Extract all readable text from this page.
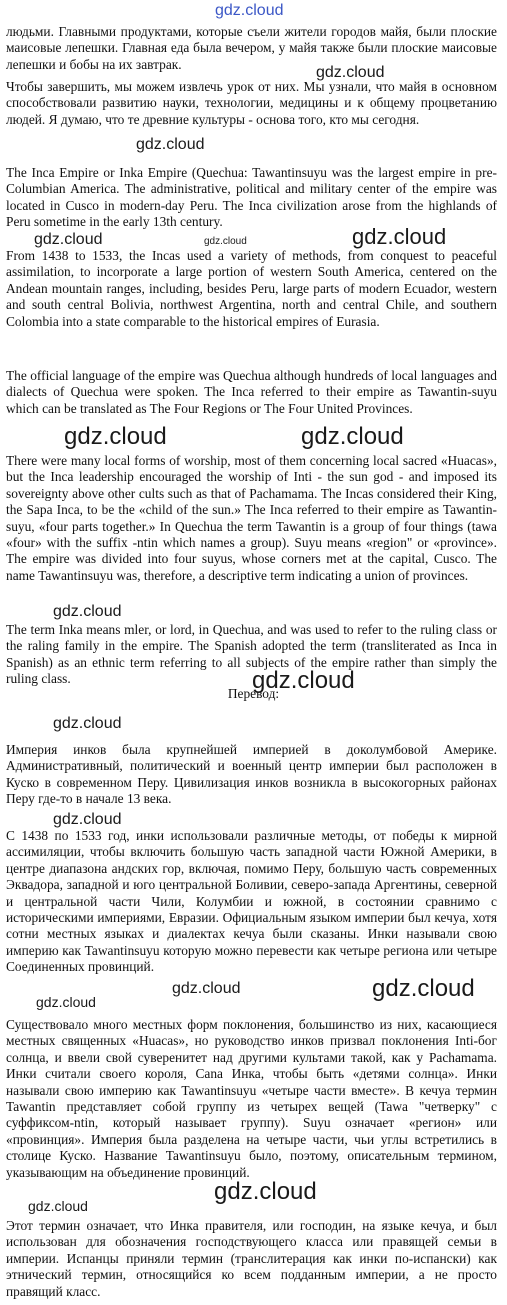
gdz.cloud

людьми. Главными продуктами, которые съели жители городов майя, были плоские маисовые лепешки. Главная еда была вечером, у майя также были плоские маисовые лепешки и бобы на их завтрак.

Чтобы завершить, мы можем извлечь урок от них. Мы узнали, что майя в основном способствовали развитию науки, технологии, медицины и к общему процветанию людей. Я думаю, что те древние культуры - основа того, кто мы сегодня.

The Inca Empire or Inka Empire (Quechua: Tawantinsuyu was the largest empire in pre-Columbian America. The administrative, political and military center of the empire was located in Cusco in modern-day Peru. The Inca civilization arose from the highlands of Peru sometime in the early 13th century.

From 1438 to 1533, the Incas used a variety of methods, from conquest to peaceful assimilation, to incorporate a large portion of western South America, centered on the Andean mountain ranges, including, besides Peru, large parts of modern Ecuador, western and south central Bolivia, northwest Argentina, north and central Chile, and southern Colombia into a state comparable to the historical empires of Eurasia.

The official language of the empire was Quechua although hundreds of local languages and dialects of Quechua were spoken. The Inca referred to their empire as Tawantin-suyu which can be translated as The Four Regions or The Four United Provinces.

There were many local forms of worship, most of them concerning local sacred «Huacas», but the Inca leadership encouraged the worship of Inti - the sun god - and imposed its sovereignty above other cults such as that of Pachamama. The Incas considered their King, the Sapa Inca, to be the «child of the sun.» The Inca referred to their empire as Tawantin-suyu, «four parts together.» In Quechua the term Tawantin is a group of four things (tawa «four» with the suffix -ntin which names a group). Suyu means «region" or «province». The empire was divided into four suyus, whose corners met at the capital, Cusco. The name Tawantinsuyu was, therefore, a descriptive term indicating a union of provinces.

The term Inka means mler, or lord, in Quechua, and was used to refer to the ruling class or the raling family in the empire. The Spanish adopted the term (transliterated as Inca in Spanish) as an ethnic term referring to all subjects of the empire rather than simply the ruling class.

Перевод:

Империя инков была крупнейшей империей в доколумбовой Америке. Административный, политический и военный центр империи был расположен в Куско в современном Перу. Цивилизация инков возникла в высокогорных районах Перу где-то в начале 13 века.

С 1438 по 1533 год, инки использовали различные методы, от победы к мирной ассимиляции, чтобы включить большую часть западной части Южной Америки, в центре диапазона андских гор, включая, помимо Перу, большую часть современных Эквадора, западной и юго центральной Боливии, северо-запада Аргентины, северной и центральной части Чили, Колумбии и южной, в состоянии сравнимо с историческими империями, Евразии. Официальным языком империи был кечуа, хотя сотни местных языках и диалектах кечуа были сказаны. Инки называли свою империю как Tawantinsuyu которую можно перевести как четыре региона или четыре Соединенных провинций.

Существовало много местных форм поклонения, большинство из них, касающиеся местных священных «Huacas», но руководство инков призвал поклонения Inti-бог солнца, и ввели свой суверенитет над другими культами такой, как у Pachamama. Инки считали своего короля, Cana Инка, чтобы быть «детями солнца». Инки называли свою империю как Tawantinsuyu «четыре части вместе». В кечуа термин Tawantin представляет собой группу из четырех вещей (Tawa "четверку" с суффиксом-ntin, который называет группу). Suyu означает «регион» или «провинция». Империя была разделена на четыре части, чьи углы встретились в столице Куско. Название Tawantinsuyu было, поэтому, описательным термином, указывающим на объединение провинций.

Этот термин означает, что Инка правителя, или господин, на языке кечуа, и был использован для обозначения господствующего класса или правящей семьи в империи. Испанцы приняли термин (транслитерация как инки по-испански) как этнический термин, относящийся ко всем подданным империи, а не просто правящий класс.

gdz.cloud
gdz.cloud
gdz.cloud	gdz.cloud	gdz.cloud
gdz.cloud	gdz.cloud
gdz.cloud
gdz.cloud
gdz.cloud
gdz.cloud
gdz.cloud	gdz.cloud
gdz.cloud
gdz.cloud
gdz.cloud
